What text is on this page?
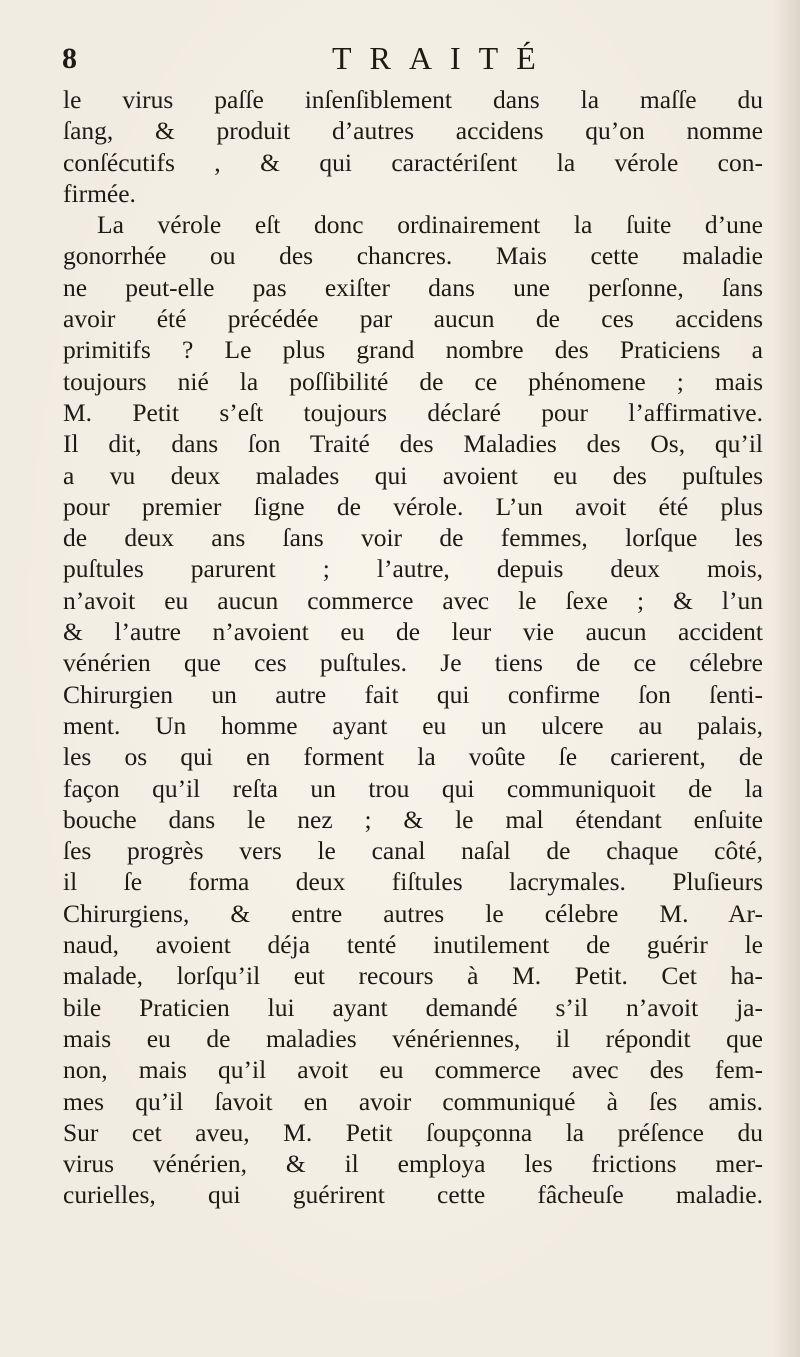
8	TRAITÉ
le virus paſſe inſenſiblement dans la maſſe du
ſang, & produit d’autres accidens qu’on nomme
conſécutifs , & qui caractériſent la vérole con-
firmée.
La vérole eſt donc ordinairement la ſuite d’une
gonorrhée ou des chancres. Mais cette maladie
ne peut-elle pas exiſter dans une perſonne, ſans
avoir été précédée par aucun de ces accidens
primitifs ? Le plus grand nombre des Praticiens a
toujours nié la poſſibilité de ce phénomene ; mais
M. Petit s’eſt toujours déclaré pour l’affirmative.
Il dit, dans ſon Traité des Maladies des Os, qu’il
a vu deux malades qui avoient eu des puſtules
pour premier ſigne de vérole. L’un avoit été plus
de deux ans ſans voir de femmes, lorſque les
puſtules parurent ; l’autre, depuis deux mois,
n’avoit eu aucun commerce avec le ſexe ; & l’un
& l’autre n’avoient eu de leur vie aucun accident
vénérien que ces puſtules. Je tiens de ce célebre
Chirurgien un autre fait qui confirme ſon ſenti-
ment. Un homme ayant eu un ulcere au palais,
les os qui en forment la voûte ſe carierent, de
façon qu’il reſta un trou qui communiquoit de la
bouche dans le nez ; & le mal étendant enſuite
ſes progrès vers le canal naſal de chaque côté,
il ſe forma deux fiſtules lacrymales. Pluſieurs
Chirurgiens, & entre autres le célebre M. Ar-
naud, avoient déja tenté inutilement de guérir le
malade, lorſqu’il eut recours à M. Petit. Cet ha-
bile Praticien lui ayant demandé s’il n’avoit ja-
mais eu de maladies vénériennes, il répondit que
non, mais qu’il avoit eu commerce avec des fem-
mes qu’il ſavoit en avoir communiqué à ſes amis.
Sur cet aveu, M. Petit ſoupçonna la préſence du
virus vénérien, & il employa les frictions mer-
curielles, qui guérirent cette fâcheuſe maladie.
